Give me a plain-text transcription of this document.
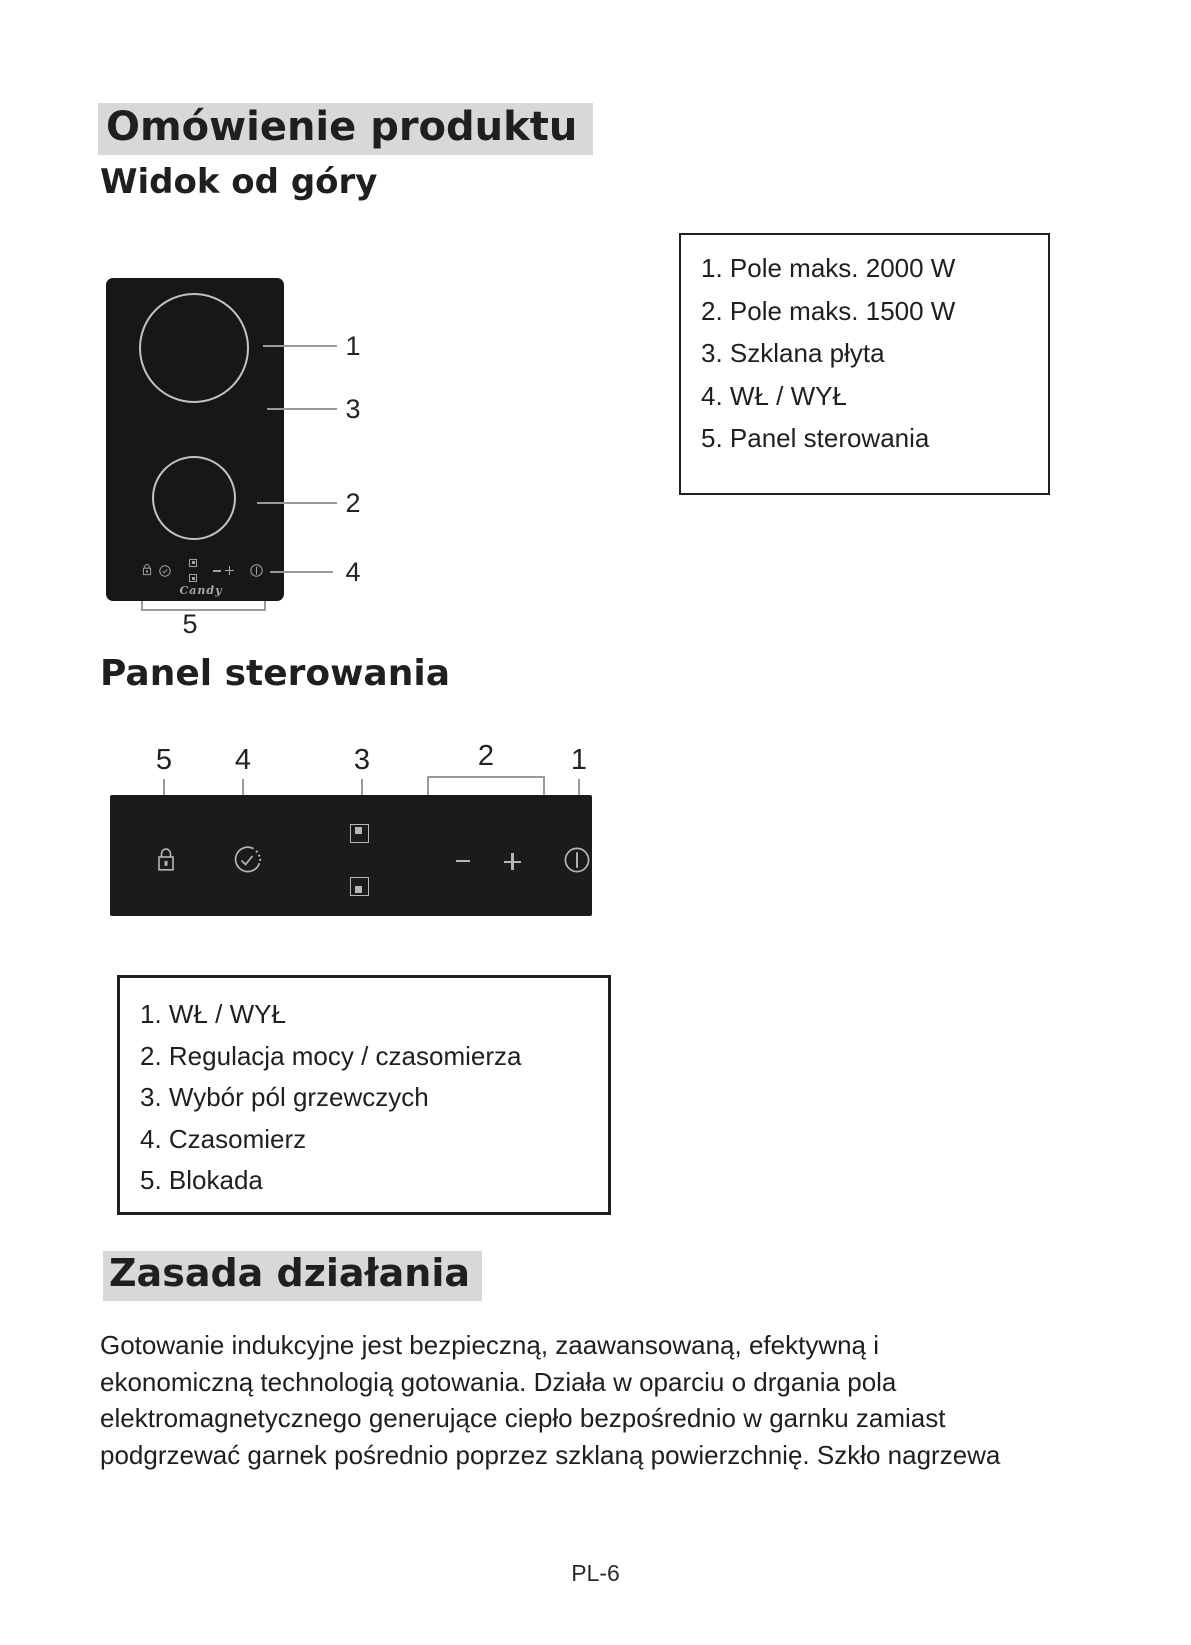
Omówienie produktu
Widok od góry
Candy
1
3
2
4
5
1. Pole maks. 2000 W
2. Pole maks. 1500 W
3. Szklana płyta
4. WŁ / WYŁ
5. Panel sterowania
Panel sterowania
5 4	3	2	1
1. WŁ / WYŁ
2. Regulacja mocy / czasomierza
3. Wybór pól grzewczych
4. Czasomierz
5. Blokada
Zasada działania
Gotowanie indukcyjne jest bezpieczną, zaawansowaną, efektywną i
ekonomiczną technologią gotowania. Działa w oparciu o drgania pola
elektromagnetycznego generujące ciepło bezpośrednio w garnku zamiast
podgrzewać garnek pośrednio poprzez szklaną powierzchnię. Szkło nagrzewa
PL-6
